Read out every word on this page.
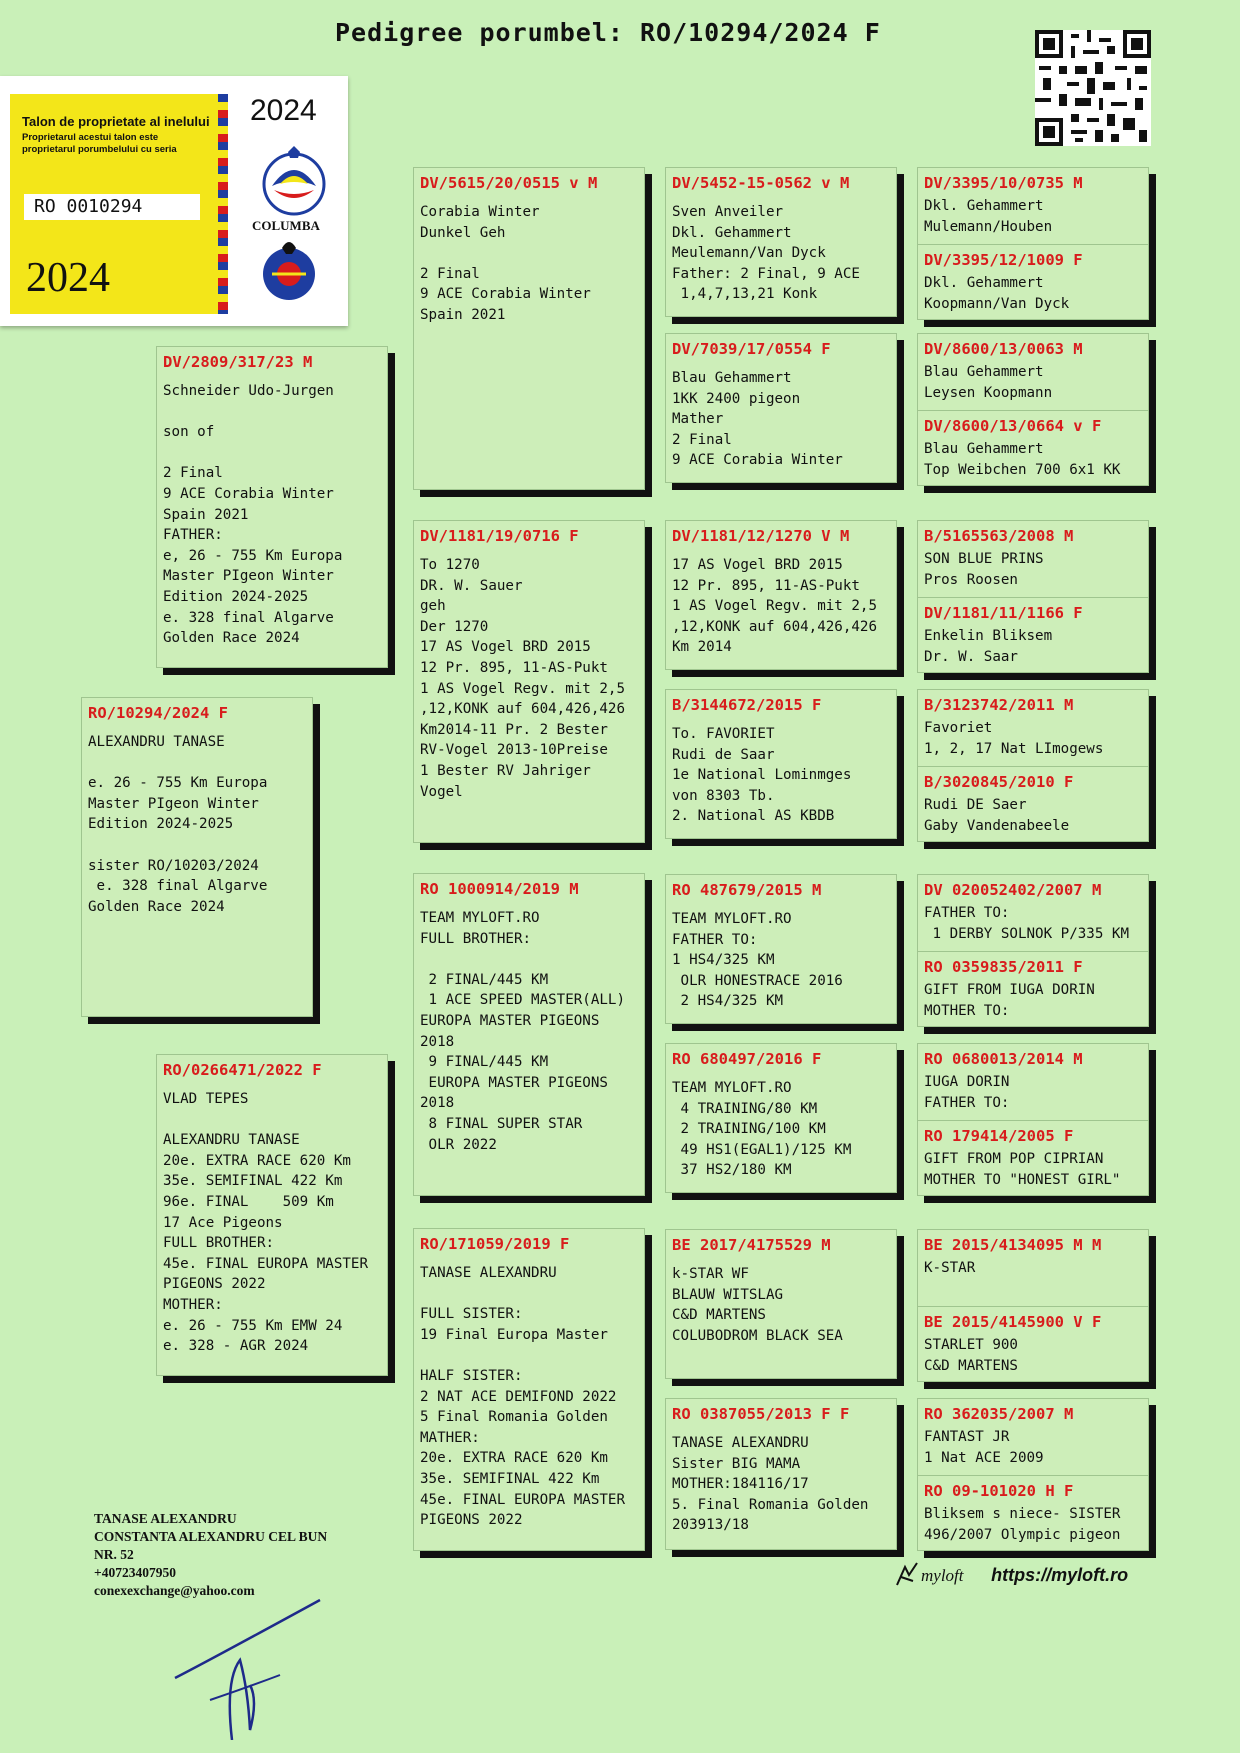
Pedigree porumbel: RO/10294/2024 F
Talon de proprietate al inelului
Proprietarul acestui talon este
proprietarul porumbelului cu seria
RO 0010294
2024
2024
COLUMBA
RO/10294/2024 F
ALEXANDRU TANASE

e. 26 - 755 Km Europa
Master PIgeon Winter
Edition 2024-2025

sister RO/10203/2024
e. 328 final Algarve
Golden Race 2024
DV/2809/317/23 M
Schneider Udo-Jurgen

son of

2 Final
9 ACE Corabia Winter
Spain 2021
FATHER:
e, 26 - 755 Km Europa
Master PIgeon Winter
Edition 2024-2025
e. 328 final Algarve
Golden Race 2024
RO/0266471/2022 F
VLAD TEPES

ALEXANDRU TANASE
20e. EXTRA RACE 620 Km
35e. SEMIFINAL 422 Km
96e. FINAL    509 Km
17 Ace Pigeons
FULL BROTHER:
45e. FINAL EUROPA MASTER
PIGEONS 2022
MOTHER:
e. 26 - 755 Km EMW 24
e. 328 - AGR 2024
DV/5615/20/0515 v M
Corabia Winter
Dunkel Geh

2 Final
9 ACE Corabia Winter
Spain 2021
DV/1181/19/0716 F
To 1270
DR. W. Sauer
geh
Der 1270
17 AS Vogel BRD 2015
12 Pr. 895, 11-AS-Pukt
1 AS Vogel Regv. mit 2,5
,12,KONK auf 604,426,426
Km2014-11 Pr. 2 Bester
RV-Vogel 2013-10Preise
1 Bester RV Jahriger
Vogel
RO 1000914/2019 M
TEAM MYLOFT.RO
FULL BROTHER:

2 FINAL/445 KM
1 ACE SPEED MASTER(ALL)
EUROPA MASTER PIGEONS
2018
9 FINAL/445 KM
EUROPA MASTER PIGEONS
2018
8 FINAL SUPER STAR
OLR 2022
RO/171059/2019 F
TANASE ALEXANDRU

FULL SISTER:
19 Final Europa Master

HALF SISTER:
2 NAT ACE DEMIFOND 2022
5 Final Romania Golden
MATHER:
20e. EXTRA RACE 620 Km
35e. SEMIFINAL 422 Km
45e. FINAL EUROPA MASTER
PIGEONS 2022
DV/5452-15-0562 v M
Sven Anveiler
Dkl. Gehammert
Meulemann/Van Dyck
Father: 2 Final, 9 ACE
1,4,7,13,21 Konk
DV/7039/17/0554 F
Blau Gehammert
1KK 2400 pigeon
Mather
2 Final
9 ACE Corabia Winter
DV/1181/12/1270 V M
17 AS Vogel BRD 2015
12 Pr. 895, 11-AS-Pukt
1 AS Vogel Regv. mit 2,5
,12,KONK auf 604,426,426
Km 2014
B/3144672/2015 F
To. FAVORIET
Rudi de Saar
1e National Lominmges
von 8303 Tb.
2. National AS KBDB
RO 487679/2015 M
TEAM MYLOFT.RO
FATHER TO:
1 HS4/325 KM
OLR HONESTRACE 2016
2 HS4/325 KM
RO 680497/2016 F
TEAM MYLOFT.RO
4 TRAINING/80 KM
2 TRAINING/100 KM
49 HS1(EGAL1)/125 KM
37 HS2/180 KM
BE 2017/4175529 M
k-STAR WF
BLAUW WITSLAG
C&D MARTENS
COLUBODROM BLACK SEA
RO 0387055/2013 F F
TANASE ALEXANDRU
Sister BIG MAMA
MOTHER:184116/17
5. Final Romania Golden
203913/18
DV/3395/10/0735 M
Dkl. Gehammert
Mulemann/Houben
DV/3395/12/1009 F
Dkl. Gehammert
Koopmann/Van Dyck
DV/8600/13/0063 M
Blau Gehammert
Leysen Koopmann
DV/8600/13/0664 v F
Blau Gehammert
Top Weibchen 700 6x1 KK
B/5165563/2008 M
SON BLUE PRINS
Pros Roosen
DV/1181/11/1166 F
Enkelin Bliksem
Dr. W. Saar
B/3123742/2011 M
Favoriet
1, 2, 17 Nat LImogews
B/3020845/2010 F
Rudi DE Saer
Gaby Vandenabeele
DV 020052402/2007 M
FATHER TO:
1 DERBY SOLNOK P/335 KM
RO 0359835/2011 F
GIFT FROM IUGA DORIN
MOTHER TO:
RO 0680013/2014 M
IUGA DORIN
FATHER TO:
RO 179414/2005 F
GIFT FROM POP CIPRIAN
MOTHER TO "HONEST GIRL"
BE 2015/4134095 M M
K-STAR
BE 2015/4145900 V F
STARLET 900
C&D MARTENS
RO 362035/2007 M
FANTAST JR
1 Nat ACE 2009
RO 09-101020 H F
Bliksem s niece- SISTER
496/2007 Olympic pigeon
TANASE ALEXANDRU
CONSTANTA ALEXANDRU CEL BUN
NR. 52
+40723407950
conexexchange@yahoo.com
myloft https://myloft.ro
